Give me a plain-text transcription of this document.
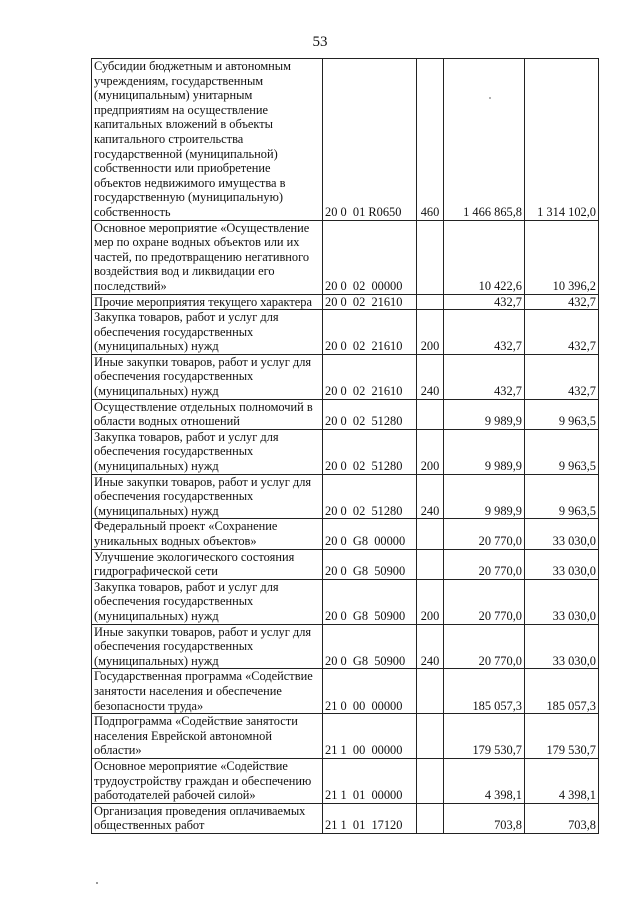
53
Субсидии бюджетным и автономным учреждениям, государственным (муниципальным) унитарным предприятиям на осуществление капитальных вложений в объекты капитального строительства государственной (муниципальной) собственности или приобретение объектов недвижимого имущества в государственную (муниципальную) собственность	20 0  01 R0650	460	1 466 865,8	1 314 102,0
Основное мероприятие «Осуществление мер по охране водных объектов или их частей, по предотвращению негативного воздействия вод и ликвидации его последствий»	20 0  02  00000		10 422,6	10 396,2
Прочие мероприятия текущего характера	20 0  02  21610		432,7	432,7
Закупка товаров, работ и услуг для обеспечения государственных (муниципальных) нужд	20 0  02  21610	200	432,7	432,7
Иные закупки товаров, работ и услуг для обеспечения государственных (муниципальных) нужд	20 0  02  21610	240	432,7	432,7
Осуществление отдельных полномочий в области водных отношений	20 0  02  51280		9 989,9	9 963,5
Закупка товаров, работ и услуг для обеспечения государственных (муниципальных) нужд	20 0  02  51280	200	9 989,9	9 963,5
Иные закупки товаров, работ и услуг для обеспечения государственных (муниципальных) нужд	20 0  02  51280	240	9 989,9	9 963,5
Федеральный проект «Сохранение уникальных водных объектов»	20 0  G8  00000		20 770,0	33 030,0
Улучшение экологического состояния гидрографической сети	20 0  G8  50900		20 770,0	33 030,0
Закупка товаров, работ и услуг для обеспечения государственных (муниципальных) нужд	20 0  G8  50900	200	20 770,0	33 030,0
Иные закупки товаров, работ и услуг для обеспечения государственных (муниципальных) нужд	20 0  G8  50900	240	20 770,0	33 030,0
Государственная программа «Содействие занятости населения и обеспечение безопасности труда»	21 0  00  00000		185 057,3	185 057,3
Подпрограмма «Содействие занятости населения Еврейской автономной области»	21 1  00  00000		179 530,7	179 530,7
Основное мероприятие «Содействие трудоустройству граждан и обеспечению работодателей рабочей силой»	21 1  01  00000		4 398,1	4 398,1
Организация проведения оплачиваемых общественных работ	21 1  01  17120		703,8	703,8
